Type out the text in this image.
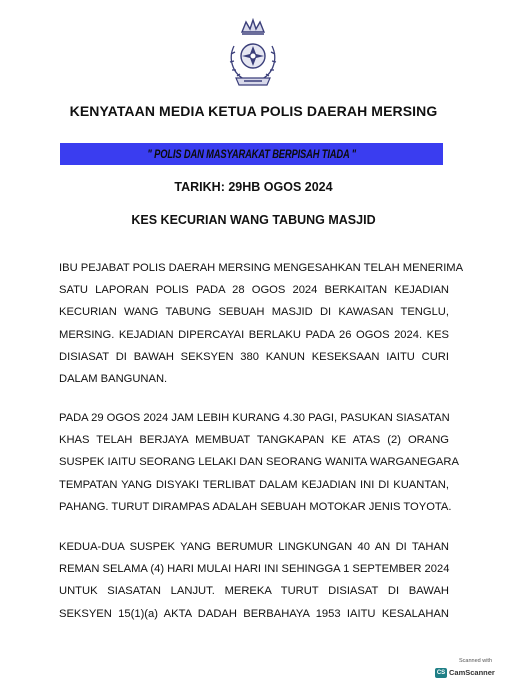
KENYATAAN MEDIA KETUA POLIS DAERAH MERSING
" POLIS DAN MASYARAKAT BERPISAH TIADA "
TARIKH: 29HB OGOS 2024
KES KECURIAN WANG TABUNG MASJID
IBU PEJABAT POLIS DAERAH MERSING MENGESAHKAN TELAH MENERIMA
SATU LAPORAN POLIS PADA 28 OGOS 2024 BERKAITAN KEJADIAN
KECURIAN WANG TABUNG SEBUAH MASJID DI KAWASAN TENGLU,
MERSING. KEJADIAN DIPERCAYAI BERLAKU PADA 26 OGOS 2024. KES
DISIASAT DI BAWAH SEKSYEN 380 KANUN KESEKSAAN IAITU CURI
DALAM BANGUNAN.
PADA 29 OGOS 2024 JAM LEBIH KURANG 4.30 PAGI, PASUKAN SIASATAN
KHAS TELAH BERJAYA MEMBUAT TANGKAPAN KE ATAS (2) ORANG
SUSPEK IAITU SEORANG LELAKI DAN SEORANG WANITA WARGANEGARA
TEMPATAN YANG DISYAKI TERLIBAT DALAM KEJADIAN INI DI KUANTAN,
PAHANG. TURUT DIRAMPAS ADALAH SEBUAH MOTOKAR JENIS TOYOTA.
KEDUA-DUA SUSPEK YANG BERUMUR LINGKUNGAN 40 AN DI TAHAN
REMAN SELAMA (4) HARI MULAI HARI INI SEHINGGA 1 SEPTEMBER 2024
UNTUK SIASATAN LANJUT. MEREKA TURUT DISIASAT DI BAWAH
SEKSYEN 15(1)(a) AKTA DADAH BERBAHAYA 1953 IAITU KESALAHAN
Scanned with
CS CamScanner
